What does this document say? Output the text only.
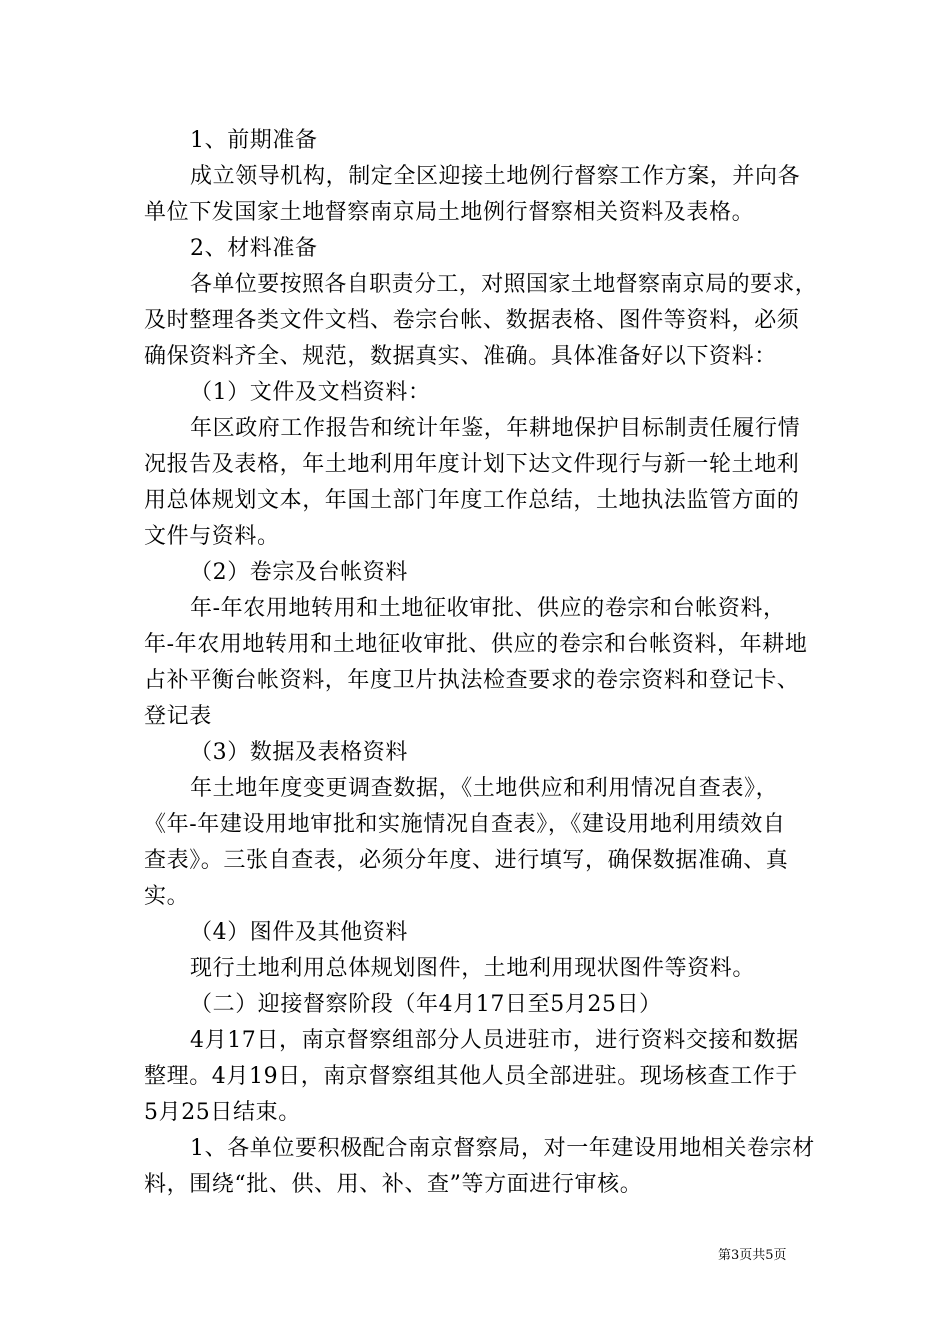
1、前期准备
成立领导机构，制定全区迎接土地例行督察工作方案，并向各
单位下发国家土地督察南京局土地例行督察相关资料及表格。
2、材料准备
各单位要按照各自职责分工，对照国家土地督察南京局的要求，
及时整理各类文件文档、卷宗台帐、数据表格、图件等资料，必须
确保资料齐全、规范，数据真实、准确。具体准备好以下资料：
（1）文件及文档资料：
年区政府工作报告和统计年鉴，年耕地保护目标制责任履行情
况报告及表格，年土地利用年度计划下达文件现行与新一轮土地利
用总体规划文本，年国土部门年度工作总结，土地执法监管方面的
文件与资料。
（2）卷宗及台帐资料
年-年农用地转用和土地征收审批、供应的卷宗和台帐资料，
年-年农用地转用和土地征收审批、供应的卷宗和台帐资料，年耕地
占补平衡台帐资料，年度卫片执法检查要求的卷宗资料和登记卡、
登记表
（3）数据及表格资料
年土地年度变更调查数据，《土地供应和利用情况自查表》，
《年-年建设用地审批和实施情况自查表》，《建设用地利用绩效自
查表》。三张自查表，必须分年度、进行填写，确保数据准确、真
实。
（4）图件及其他资料
现行土地利用总体规划图件，土地利用现状图件等资料。
（二）迎接督察阶段（年4月17日至5月25日）
4月17日，南京督察组部分人员进驻市，进行资料交接和数据
整理。4月19日，南京督察组其他人员全部进驻。现场核查工作于
5月25日结束。
1、各单位要积极配合南京督察局，对一年建设用地相关卷宗材
料，围绕“批、供、用、补、查”等方面进行审核。
第3页共5页
